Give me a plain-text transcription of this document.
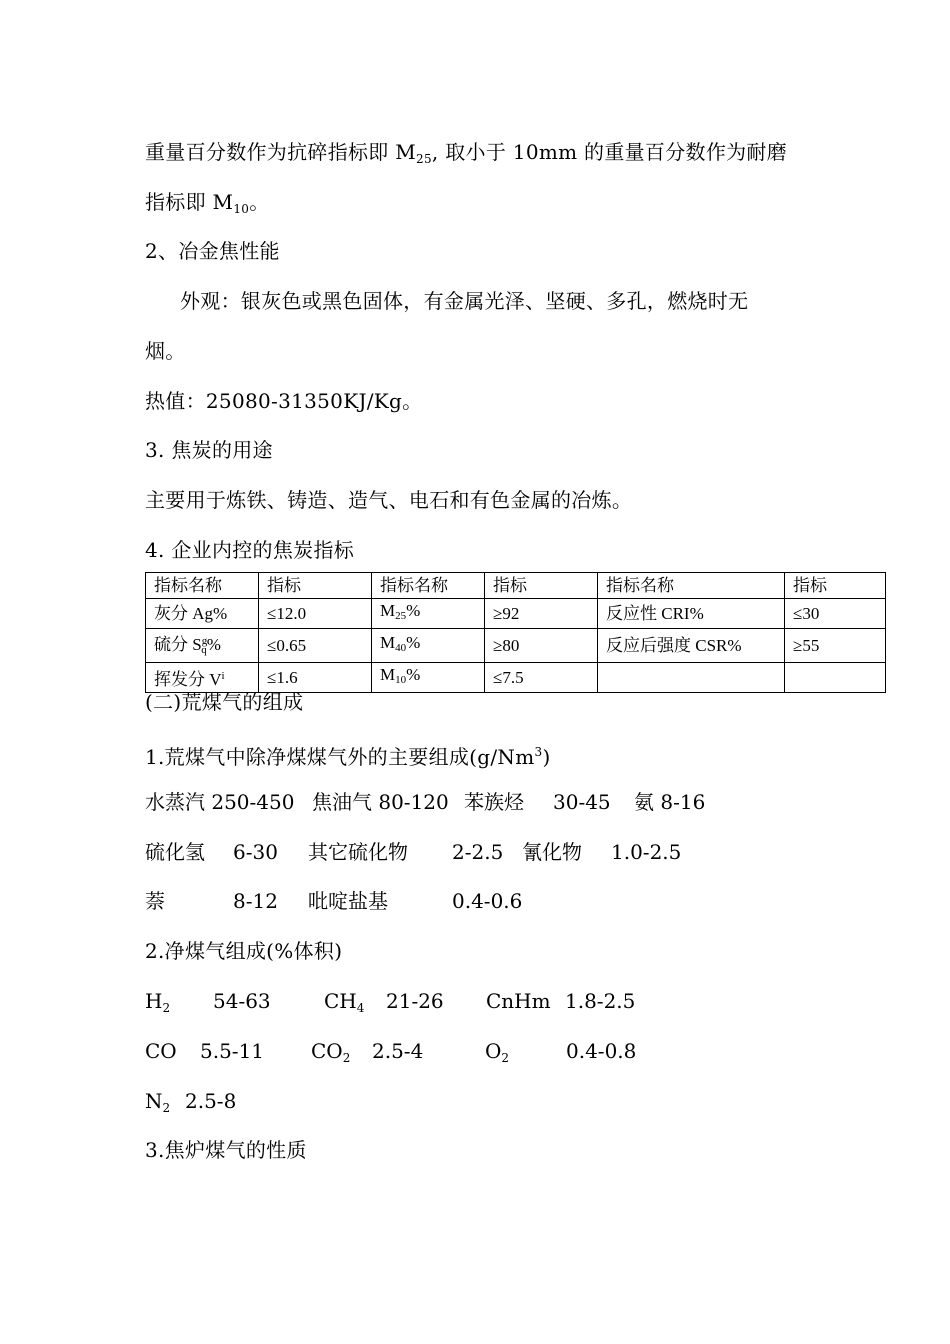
重量百分数作为抗碎指标即 $M_{25}$, 取小于 10mm 的重量百分数作为耐磨
指标即 $M_{10}$。
2、冶金焦性能
外观：银灰色或黑色固体，有金属光泽、坚硬、多孔，燃烧时无
烟。
热值：25080-31350KJ/Kg。
3. 焦炭的用途
主要用于炼铁、铸造、造气、电石和有色金属的冶炼。
4. 企业内控的焦炭指标
指标名称	指标	指标名称	指标	指标名称	指标
灰分 Ag%	≤12.0	M25%	≥92	反应性 CRI%	≤30
硫分 $S^gq\%$	≤0.65	M40%	≥80	反应后强度 CSR%	≥55
挥发分 $V^i$	≤1.6	M10%	≤7.5		
(二)荒煤气的组成
1.荒煤气中除净煤煤气外的主要组成(g/Nm$^3$)
水蒸汽 250-450 焦油气 80-120 苯族烃 30-45 氨 8-16
硫化氢 6-30 其它硫化物 2-2.5 氰化物 1.0-2.5
萘	8-12 吡啶盐基	0.4-0.6
2.净煤气组成(%体积)
$H_2$ 54-63	$CH_4$ 21-26 CnHm 1.8-2.5
CO 5.5-11 $CO_2$ 2.5-4	$O_2$	0.4-0.8
$N_2$ 2.5-8
3.焦炉煤气的性质
